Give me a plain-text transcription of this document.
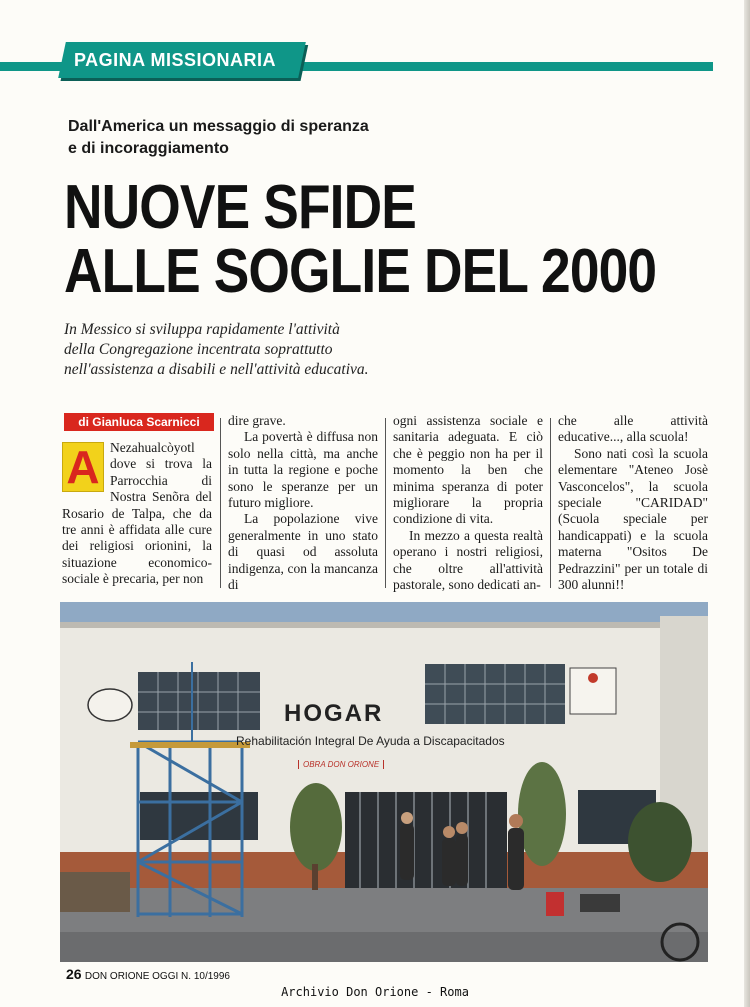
PAGINA MISSIONARIA
Dall'America un messaggio di speranza
e di incoraggiamento
NUOVE SFIDE
ALLE SOGLIE DEL 2000
In Messico si sviluppa rapidamente l'attività
della Congregazione incentrata soprattutto
nell'assistenza a disabili e nell'attività educativa.
di Gianluca Scarnicci
A Nezahualcòyotl dove si trova la Parrocchia di Nostra Senõra del Rosario de Talpa, che da tre anni è affidata alle cure dei religiosi orionini, la situazione economico-sociale è precaria, per non

dire grave.

La povertà è diffusa non solo nella città, ma anche in tutta la regione e poche sono le speranze per un futuro migliore.

La popolazione vive generalmente in uno stato di quasi od assoluta indigenza, con la mancanza di

ogni assistenza sociale e sanitaria adeguata. E ciò che è peggio non ha per il momento la ben che minima speranza di poter migliorare la propria condizione di vita.

In mezzo a questa realtà operano i nostri religiosi, che oltre all'attività pastorale, sono dedicati an-

che alle attività educative..., alla scuola!

Sono nati così la scuola elementare "Ateneo Josè Vasconcelos", la scuola speciale "CARIDAD" (Scuola speciale per handicappati) e la scuola materna "Ositos De Pedrazzini" per un totale di 300 alunni!!

HOGAR
Rehabilitación Integral De Ayuda a Discapacitados
OBRA DON ORIONE
26 DON ORIONE OGGI N. 10/1996
Archivio Don Orione - Roma
